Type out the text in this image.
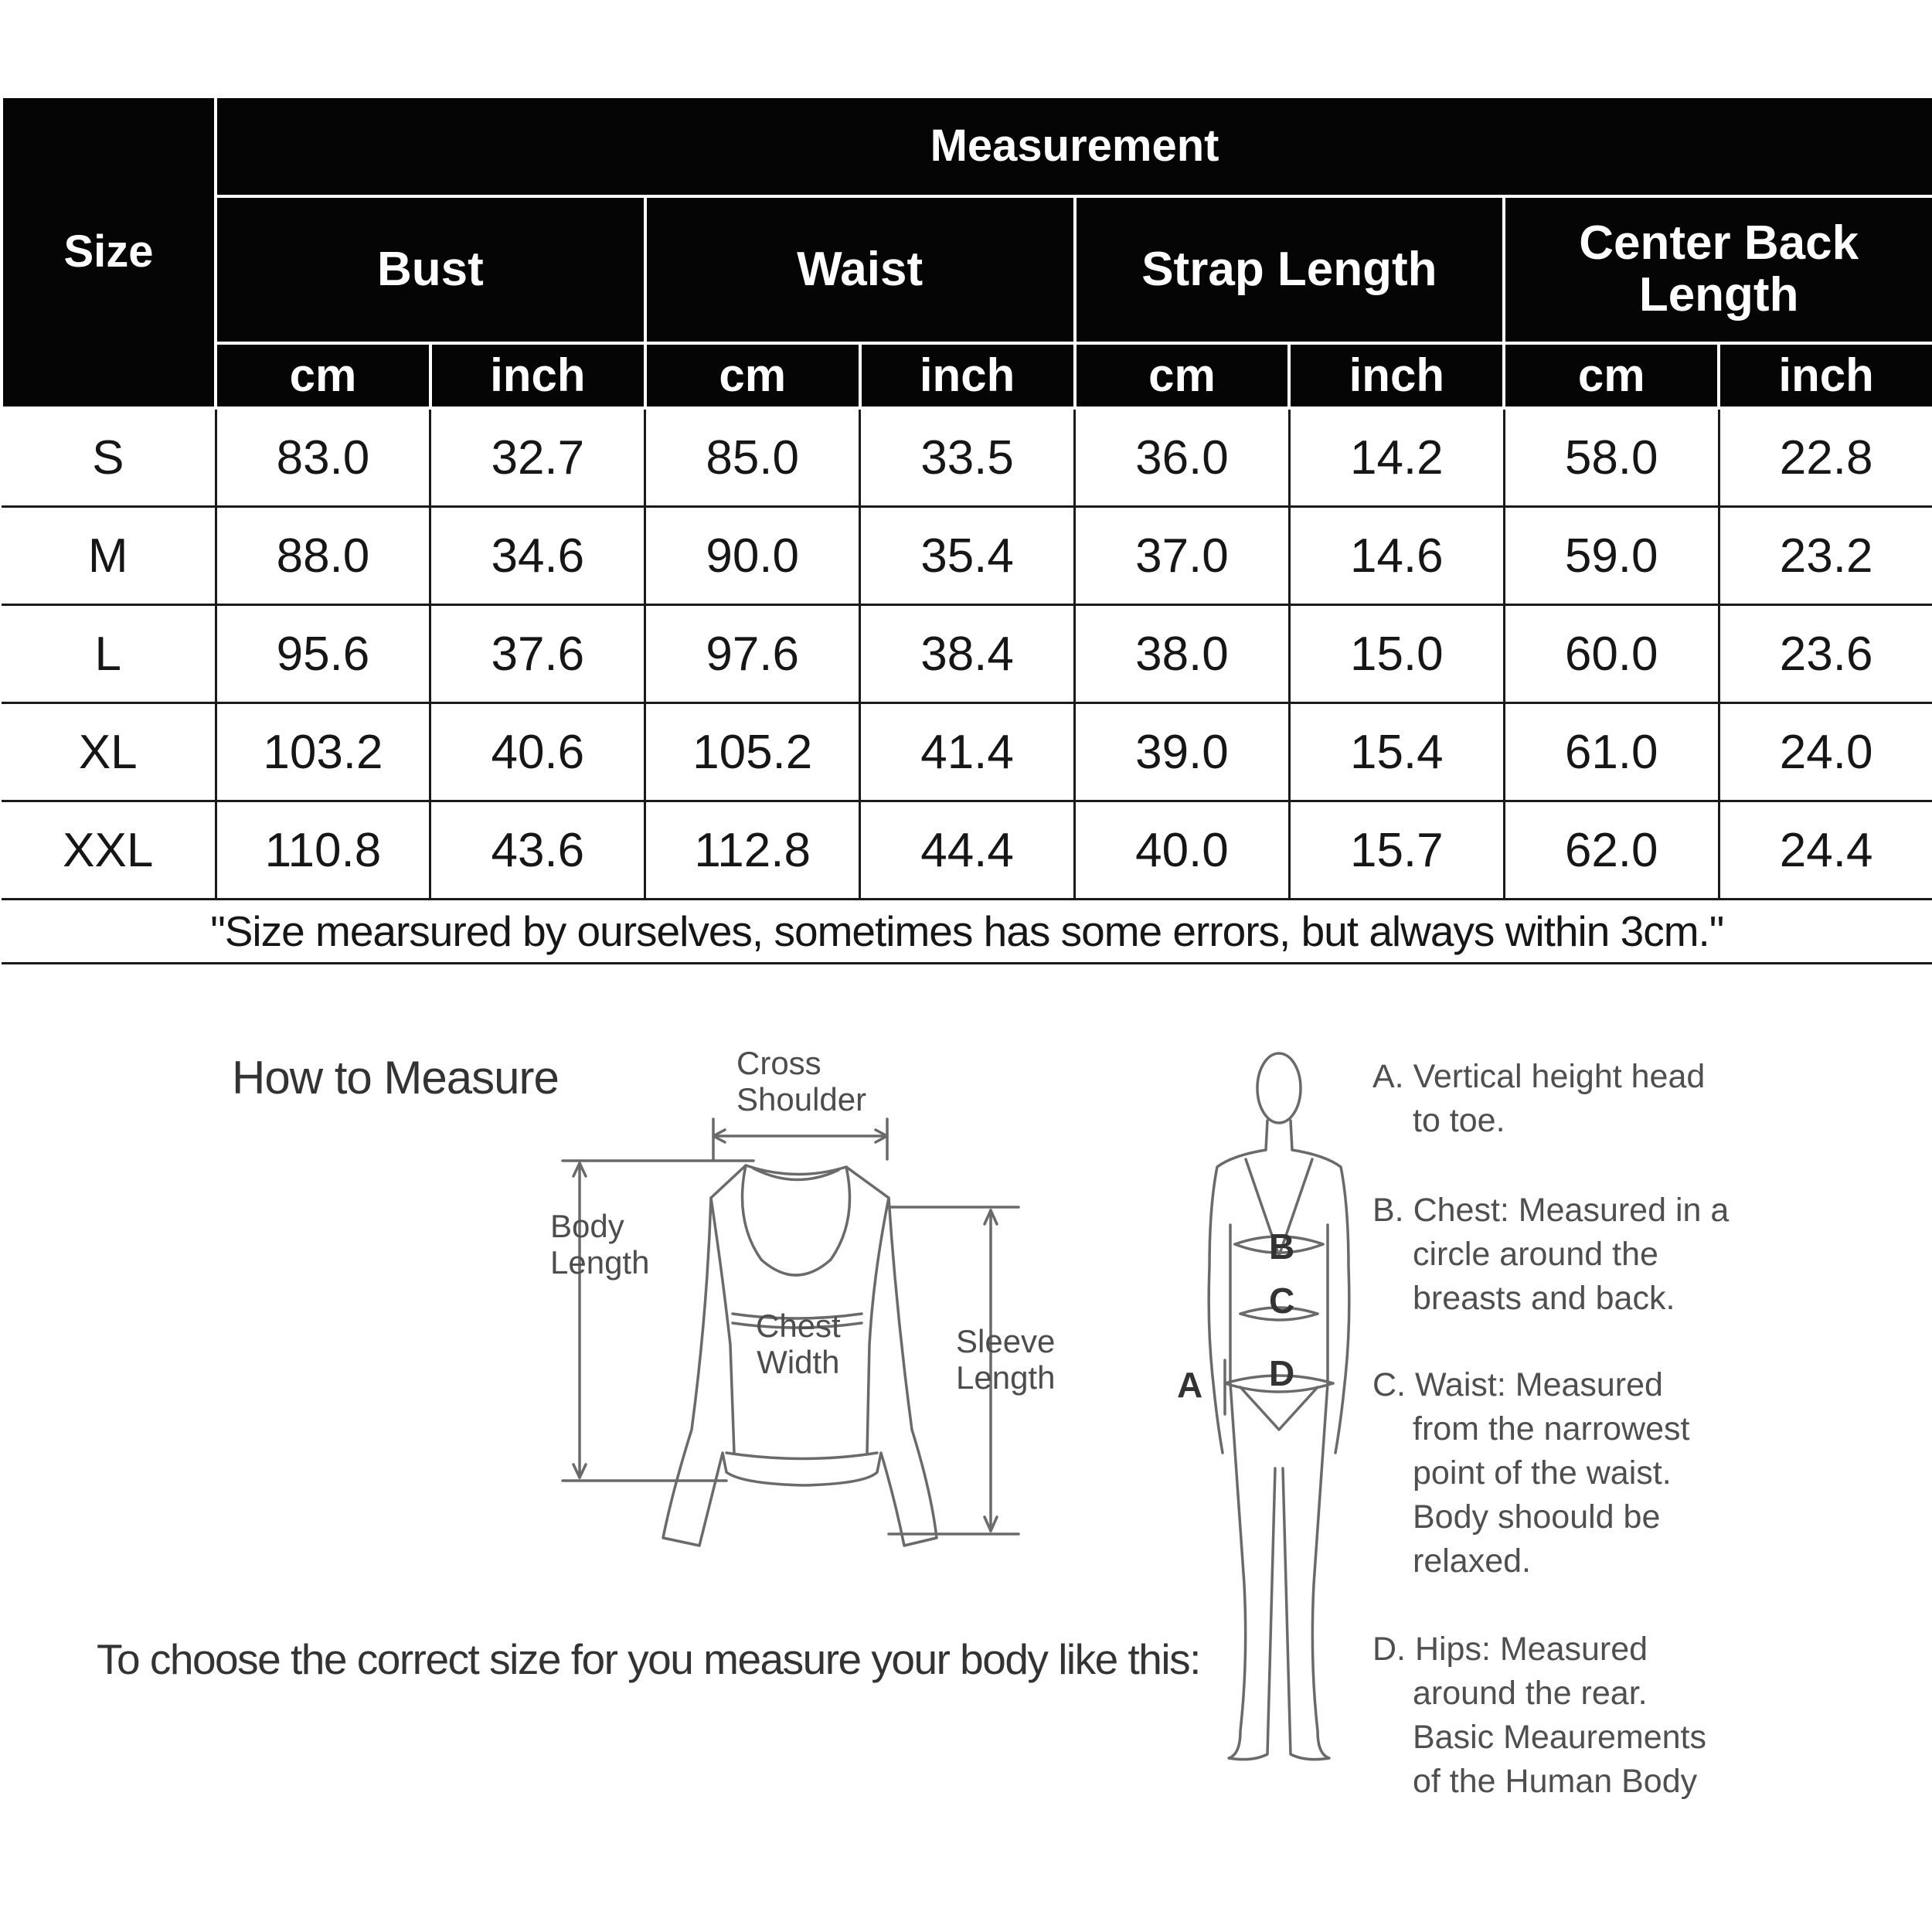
Size	Measurement							
	Bust		Waist		Strap Length		Center Back Length	
	cm	inch	cm	inch	cm	inch	cm	inch
S	83.0	32.7	85.0	33.5	36.0	14.2	58.0	22.8
M	88.0	34.6	90.0	35.4	37.0	14.6	59.0	23.2
L	95.6	37.6	97.6	38.4	38.0	15.0	60.0	23.6
XL	103.2	40.6	105.2	41.4	39.0	15.4	61.0	24.0
XXL	110.8	43.6	112.8	44.4	40.0	15.7	62.0	24.4
"Size mearsured by ourselves, sometimes has some errors, but always within 3cm."								
How to Measure	Cross
Shoulder
Body
Length
Chest
Width
Sleeve
Length	A
B
C
D
A. Vertical height head
to toe.
B. Chest: Measured in a
circle around the
breasts and back.
C. Waist: Measured
from the narrowest
point of the waist.
Body shoould be
relaxed.
D. Hips: Measured
around the rear.
Basic Meaurements
of the Human Body
To choose the correct size for you measure your body like this:
